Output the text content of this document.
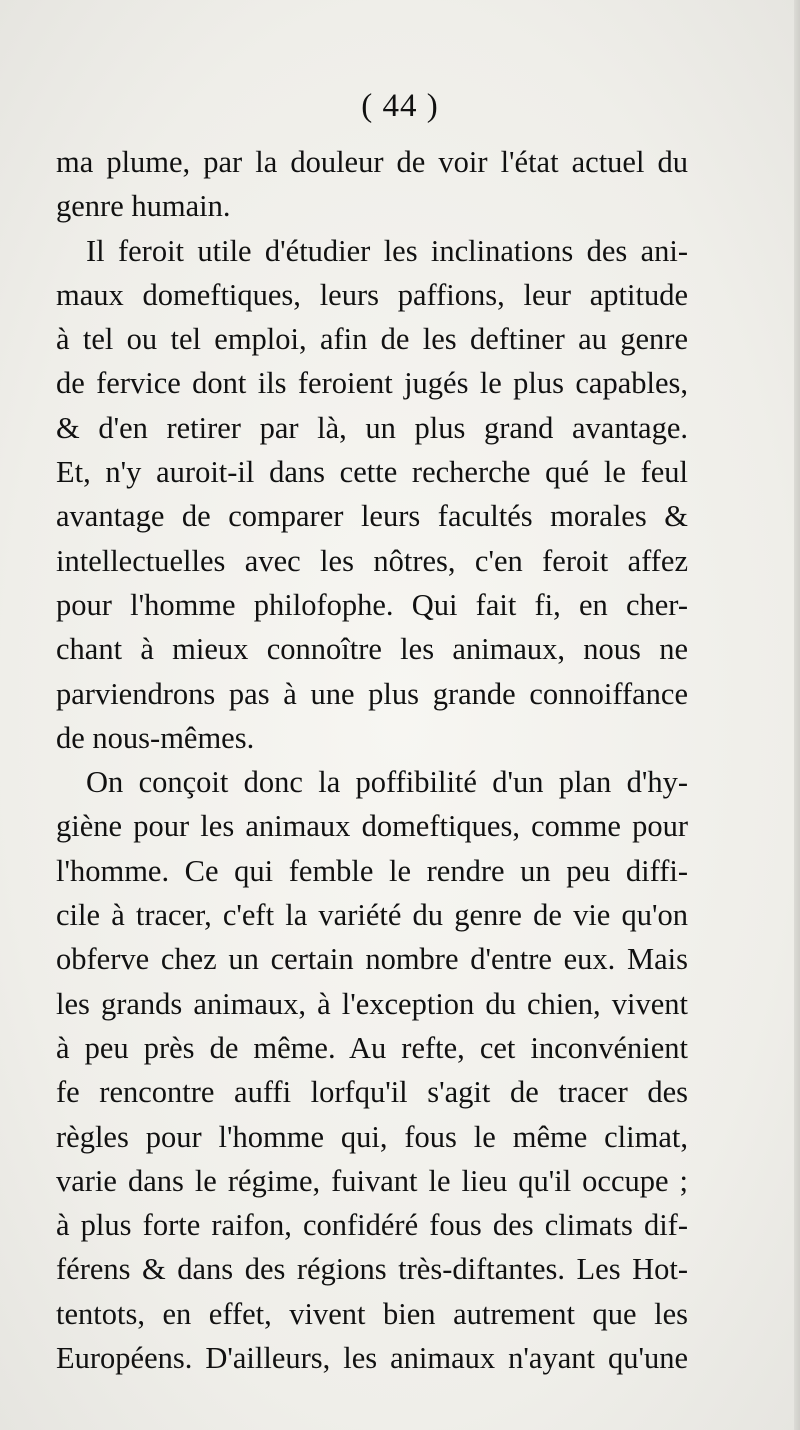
( 44 )
ma plume, par la douleur de voir l'état actuel du
genre humain.
Il feroit utile d'étudier les inclinations des ani-
maux domeftiques, leurs paffions, leur aptitude
à tel ou tel emploi, afin de les deftiner au genre
de fervice dont ils feroient jugés le plus capables,
& d'en retirer par là, un plus grand avantage.
Et, n'y auroit-il dans cette recherche qué le feul
avantage de comparer leurs facultés morales &
intellectuelles avec les nôtres, c'en feroit affez
pour l'homme philofophe. Qui fait fi, en cher-
chant à mieux connoître les animaux, nous ne
parviendrons pas à une plus grande connoiffance
de nous-mêmes.
On conçoit donc la poffibilité d'un plan d'hy-
giène pour les animaux domeftiques, comme pour
l'homme. Ce qui femble le rendre un peu diffi-
cile à tracer, c'eft la variété du genre de vie qu'on
obferve chez un certain nombre d'entre eux. Mais
les grands animaux, à l'exception du chien, vivent
à peu près de même. Au refte, cet inconvénient
fe rencontre auffi lorfqu'il s'agit de tracer des
règles pour l'homme qui, fous le même climat,
varie dans le régime, fuivant le lieu qu'il occupe ;
à plus forte raifon, confidéré fous des climats dif-
férens & dans des régions très-diftantes. Les Hot-
tentots, en effet, vivent bien autrement que les
Européens. D'ailleurs, les animaux n'ayant qu'une
